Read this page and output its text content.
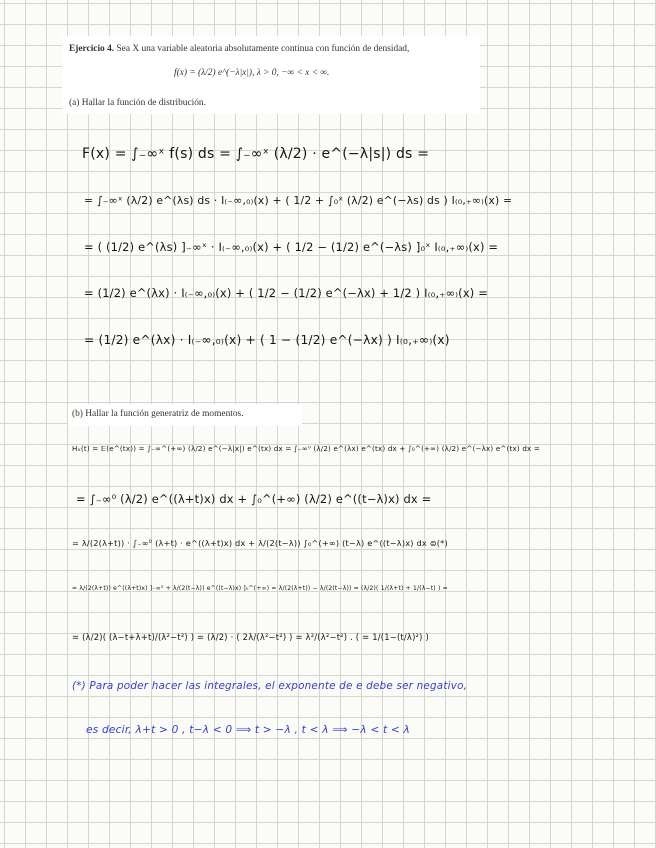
Ejercicio 4. Sea X una variable aleatoria absolutamente continua con función de densidad,
f(x) = (λ/2) e^(−λ|x|), λ > 0, −∞ < x < ∞.
(a) Hallar la función de distribución.
F(x) = ∫₋∞ˣ f(s) ds = ∫₋∞ˣ (λ/2) · e^(−λ|s|) ds =
= ∫₋∞ˣ (λ/2) e^(λs) ds · I₍₋∞,₀₎(x) + ( 1/2 + ∫₀ˣ (λ/2) e^(−λs) ds ) I₍₀,₊∞₎(x) =
= ( (1/2) e^(λs) ]₋∞ˣ · I₍₋∞,₀₎(x) + ( 1/2 − (1/2) e^(−λs) ]₀ˣ I₍₀,₊∞₎(x) =
= (1/2) e^(λx) · I₍₋∞,₀₎(x) + ( 1/2 − (1/2) e^(−λx) + 1/2 ) I₍₀,₊∞₎(x) =
= (1/2) e^(λx) · I₍₋∞,₀₎(x) + ( 1 − (1/2) e^(−λx) ) I₍₀,₊∞₎(x)
(b) Hallar la función generatriz de momentos.
Hₓ(t) = 𝔼(e^(tx)) = ∫₋∞^(+∞) (λ/2) e^(−λ|x|) e^(tx) dx = ∫₋∞⁰ (λ/2) e^(λx) e^(tx) dx + ∫₀^(+∞) (λ/2) e^(−λx) e^(tx) dx =
= ∫₋∞⁰ (λ/2) e^((λ+t)x) dx + ∫₀^(+∞) (λ/2) e^((t−λ)x) dx =
= λ/(2(λ+t)) · ∫₋∞⁰ (λ+t) · e^((λ+t)x) dx + λ/(2(t−λ)) ∫₀^(+∞) (t−λ) e^((t−λ)x) dx ⊜(*)
= λ/(2(λ+t)) e^((λ+t)x) ]₋∞⁰ + λ/(2(t−λ)) e^((t−λ)x) ]₀^(+∞) = λ/(2(λ+t)) − λ/(2(t−λ)) = (λ/2)( 1/(λ+t) + 1/(λ−t) ) =
= (λ/2)( (λ−t+λ+t)/(λ²−t²) ) = (λ/2) · ( 2λ/(λ²−t²) ) = λ²/(λ²−t²) . ( = 1/(1−(t/λ)²) )
(*) Para poder hacer las integrales, el exponente de e debe ser negativo,
es decir, λ+t > 0 , t−λ < 0 ⟹ t > −λ , t < λ ⟹ −λ < t < λ
